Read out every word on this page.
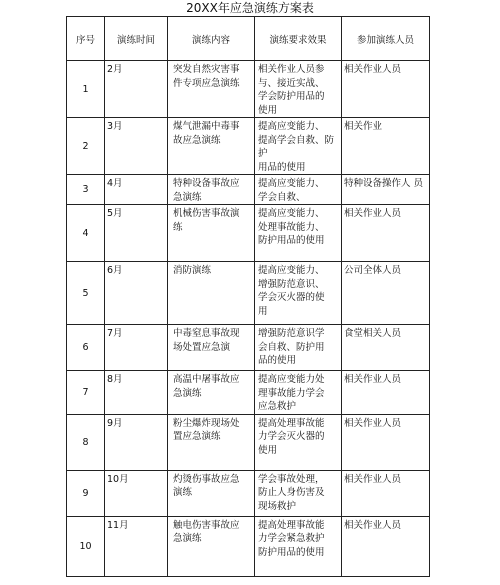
20XX年应急演练方案表
序号	演练时间	演练内容	演练要求效果	参加演练人员
1	2月	突发自然灾害事
件专项应急演练	相关作业人员参
与、接近实战、
学会防护用品的
使用	相关作业人员

2	3月	煤气泄漏中毒事
故应急演练	提高应变能力、
提高学会自救、防护
用品的使用	相关作业

3	4月	特种设备事故应
急演练	提高应变能力、
学会自救、	特种设备操作人 员

4	5月	机械伤害事故演 练	提高应变能力、
处理事故能力、
防护用品的使用	相关作业人员

5	6月	消防演练	提高应变能力、
增强防范意识、
学会灭火器的使
用	公司全体人员

6	7月	中毒窒息事故现
场处置应急演	增强防范意识学
会自救、防护用
品的使用	食堂相关人员

7	8月	高温中屠事故应
急演练	提高应变能力处
理事故能力学会
应急救护	相关作业人员

8	9月	粉尘爆炸现场处
置应急演练	提高处理事故能
力学会灭火器的
使用	相关作业人员

9	10月	灼烫伤事故应急
演练	学会事故处理，
防止人身伤害及
现场救护	相关作业人员

10	11月	触电伤害事故应
急演练	提高处理事故能
力学会紧急救护
防护用品的使用	相关作业人员
